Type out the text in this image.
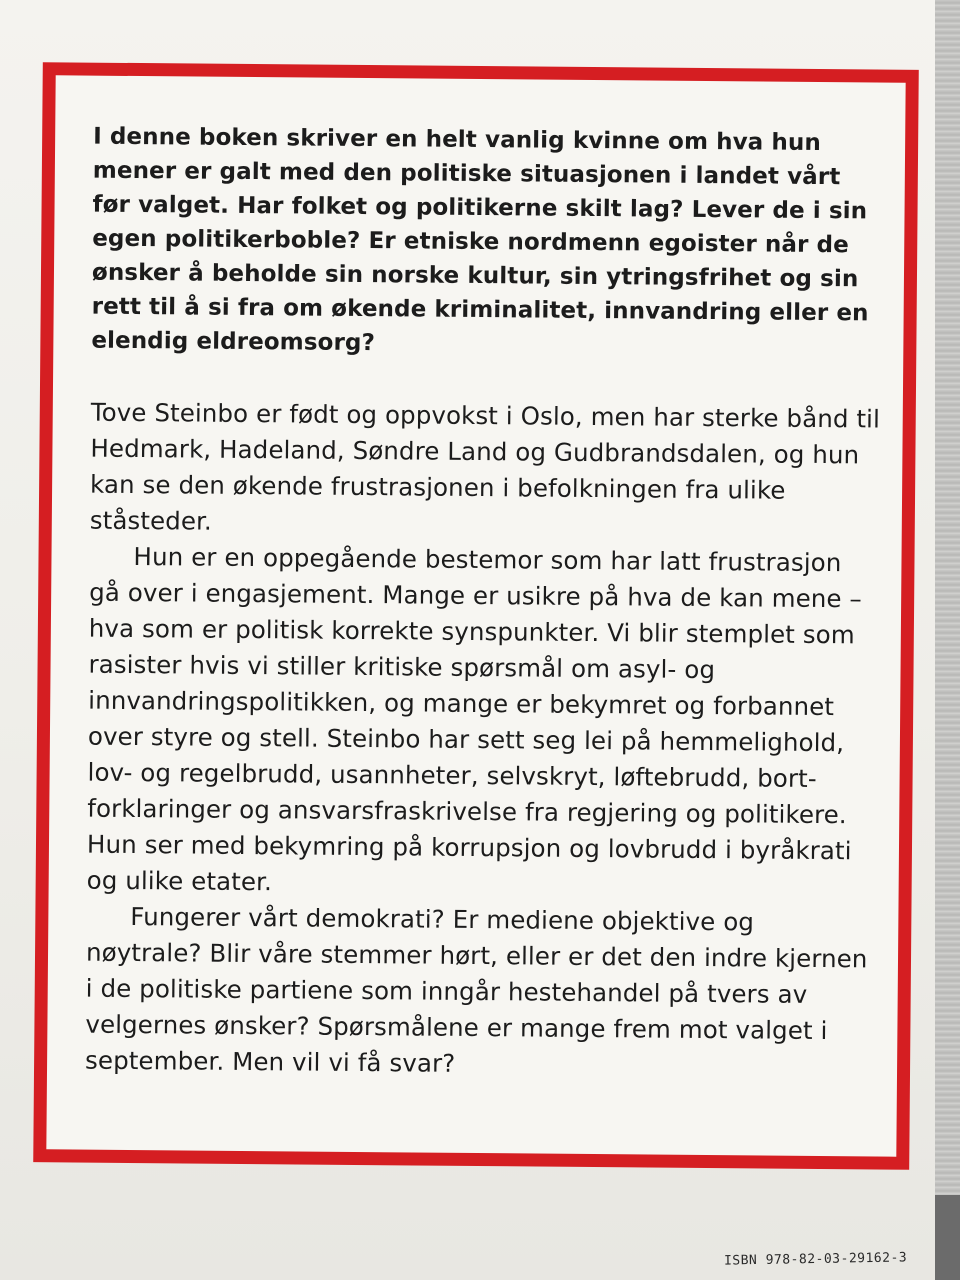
I denne boken skriver en helt vanlig kvinne om hva hun mener er galt med den politiske situasjonen i landet vårt før valget. Har folket og politikerne skilt lag? Lever de i sin egen politikerboble? Er etniske nordmenn egoister når de ønsker å beholde sin norske kultur, sin ytringsfrihet og sin rett til å si fra om økende kriminalitet, innvandring eller en elendig eldreomsorg?

Tove Steinbo er født og oppvokst i Oslo, men har sterke bånd til Hedmark, Hadeland, Søndre Land og Gudbrandsdalen, og hun kan se den økende frustrasjonen i befolkningen fra ulike ståsteder.

Hun er en oppegående bestemor som har latt frustrasjon gå over i engasjement. Mange er usikre på hva de kan mene – hva som er politisk korrekte synspunkter. Vi blir stemplet som rasister hvis vi stiller kritiske spørsmål om asyl- og innvandringspolitikken, og mange er bekymret og forbannet over styre og stell. Steinbo har sett seg lei på hemmelighold, lov- og regelbrudd, usannheter, selvskryt, løftebrudd, bort-forklaringer og ansvarsfraskrivelse fra regjering og politikere. Hun ser med bekymring på korrupsjon og lovbrudd i byråkrati og ulike etater.

Fungerer vårt demokrati? Er mediene objektive og nøytrale? Blir våre stemmer hørt, eller er det den indre kjernen i de politiske partiene som inngår hestehandel på tvers av velgernes ønsker? Spørsmålene er mange frem mot valget i september. Men vil vi få svar?

ISBN 978-82-03-29162-3
